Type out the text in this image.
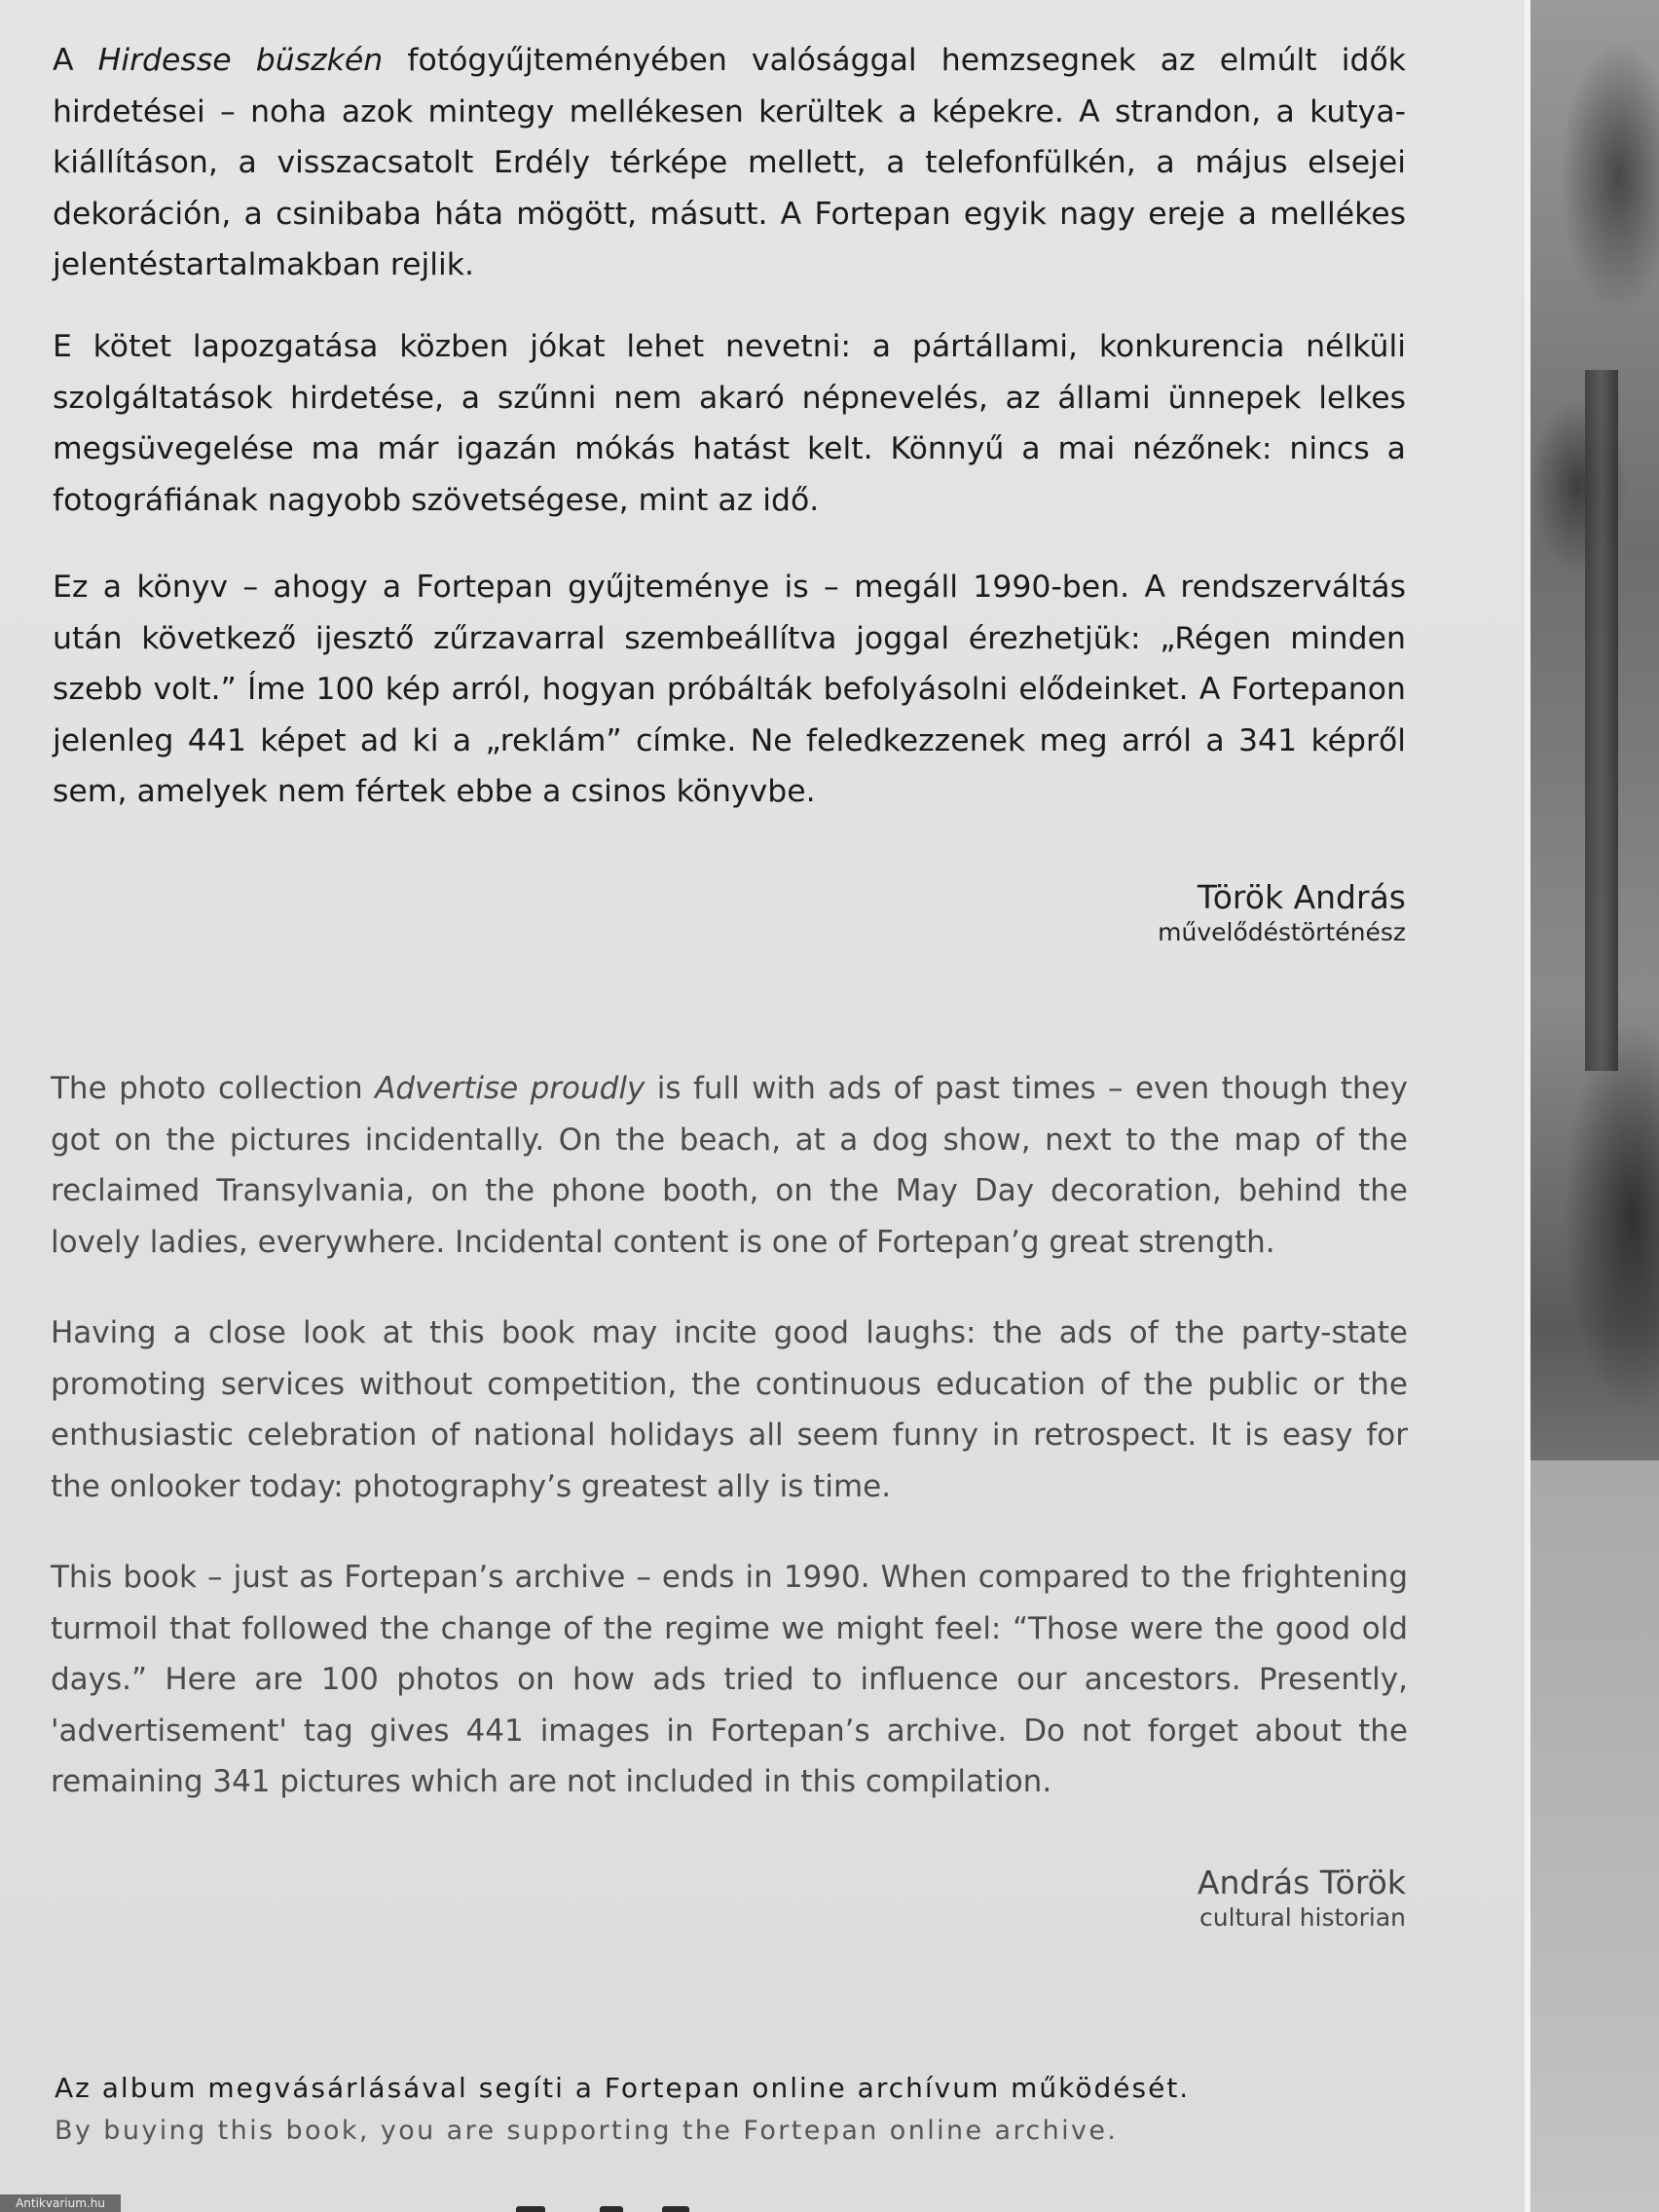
A Hirdesse büszkén fotógyűjteményében valósággal hemzsegnek az elmúlt idők hirdetései – noha azok mintegy mellékesen kerültek a képekre. A strandon, a kutyakiállításon, a visszacsatolt Erdély térképe mellett, a telefonfülkén, a május elsejei dekoráción, a csinibaba háta mögött, másutt. A Fortepan egyik nagy ereje a mellékes jelentéstartalmakban rejlik.

E kötet lapozgatása közben jókat lehet nevetni: a pártállami, konkurencia nélküli szolgáltatások hirdetése, a szűnni nem akaró népnevelés, az állami ünnepek lelkes megsüvegelése ma már igazán mókás hatást kelt. Könnyű a mai nézőnek: nincs a fotográfiának nagyobb szövetségese, mint az idő.

Ez a könyv – ahogy a Fortepan gyűjteménye is – megáll 1990-ben. A rendszerváltás után következő ijesztő zűrzavarral szembeállítva joggal érezhetjük: „Régen minden szebb volt.” Íme 100 kép arról, hogyan próbálták befolyásolni elődeinket. A Fortepanon jelenleg 441 képet ad ki a „reklám” címke. Ne feledkezzenek meg arról a 341 képről sem, amelyek nem fértek ebbe a csinos könyvbe.

Török András
művelődéstörténész

The photo collection Advertise proudly is full with ads of past times – even though they got on the pictures incidentally. On the beach, at a dog show, next to the map of the reclaimed Transylvania, on the phone booth, on the May Day decoration, behind the lovely ladies, everywhere. Incidental content is one of Fortepan’g great strength.

Having a close look at this book may incite good laughs: the ads of the party-state promoting services without competition, the continuous education of the public or the enthusiastic celebration of national holidays all seem funny in retrospect. It is easy for the onlooker today: photography’s greatest ally is time.

This book – just as Fortepan’s archive – ends in 1990. When compared to the frightening turmoil that followed the change of the regime we might feel: “Those were the good old days.” Here are 100 photos on how ads tried to influence our ancestors. Presently, 'advertisement' tag gives 441 images in Fortepan’s archive. Do not forget about the remaining 341 pictures which are not included in this compilation.

András Török
cultural historian

Az album megvásárlásával segíti a Fortepan online archívum működését.

By buying this book, you are supporting the Fortepan online archive.

Antikvarium.hu
